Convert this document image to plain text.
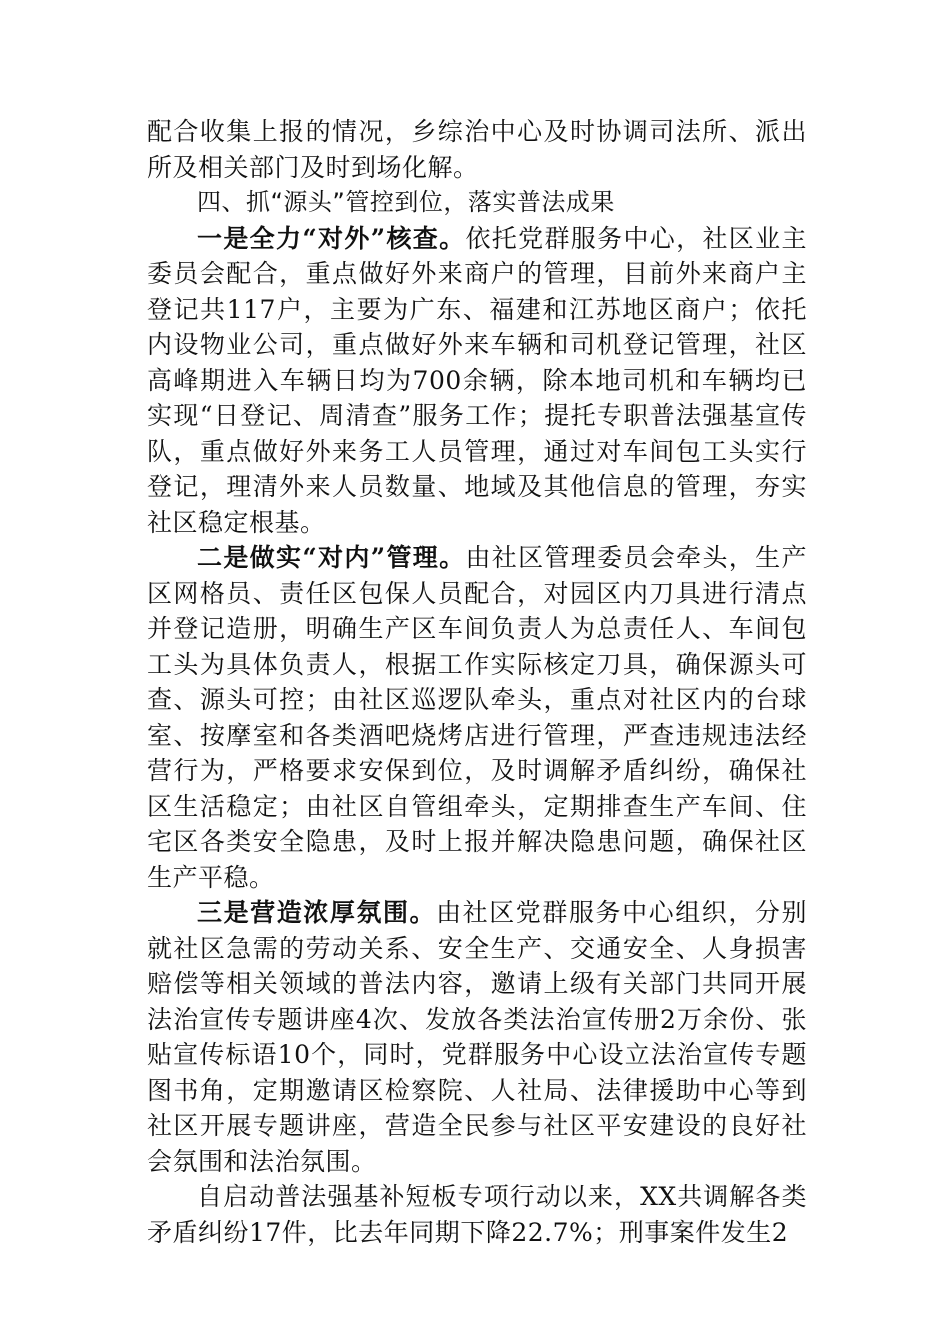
配合收集上报的情况，乡综治中心及时协调司法所、派出所及相关部门及时到场化解。

四、抓“源头”管控到位，落实普法成果

一是全力“对外”核查。依托党群服务中心，社区业主委员会配合，重点做好外来商户的管理，目前外来商户主登记共117户，主要为广东、福建和江苏地区商户；依托内设物业公司，重点做好外来车辆和司机登记管理，社区高峰期进入车辆日均为700余辆，除本地司机和车辆均已实现“日登记、周清查”服务工作；提托专职普法强基宣传队，重点做好外来务工人员管理，通过对车间包工头实行登记，理清外来人员数量、地域及其他信息的管理，夯实社区稳定根基。

二是做实“对内”管理。由社区管理委员会牵头，生产区网格员、责任区包保人员配合，对园区内刀具进行清点并登记造册，明确生产区车间负责人为总责任人、车间包工头为具体负责人，根据工作实际核定刀具，确保源头可查、源头可控；由社区巡逻队牵头，重点对社区内的台球室、按摩室和各类酒吧烧烤店进行管理，严查违规违法经营行为，严格要求安保到位，及时调解矛盾纠纷，确保社区生活稳定；由社区自管组牵头，定期排查生产车间、住宅区各类安全隐患，及时上报并解决隐患问题，确保社区生产平稳。

三是营造浓厚氛围。由社区党群服务中心组织，分别就社区急需的劳动关系、安全生产、交通安全、人身损害赔偿等相关领域的普法内容，邀请上级有关部门共同开展法治宣传专题讲座4次、发放各类法治宣传册2万余份、张贴宣传标语10个，同时，党群服务中心设立法治宣传专题图书角，定期邀请区检察院、人社局、法律援助中心等到社区开展专题讲座，营造全民参与社区平安建设的良好社会氛围和法治氛围。

自启动普法强基补短板专项行动以来，XX共调解各类矛盾纠纷17件，比去年同期下降22.7%；刑事案件发生2
